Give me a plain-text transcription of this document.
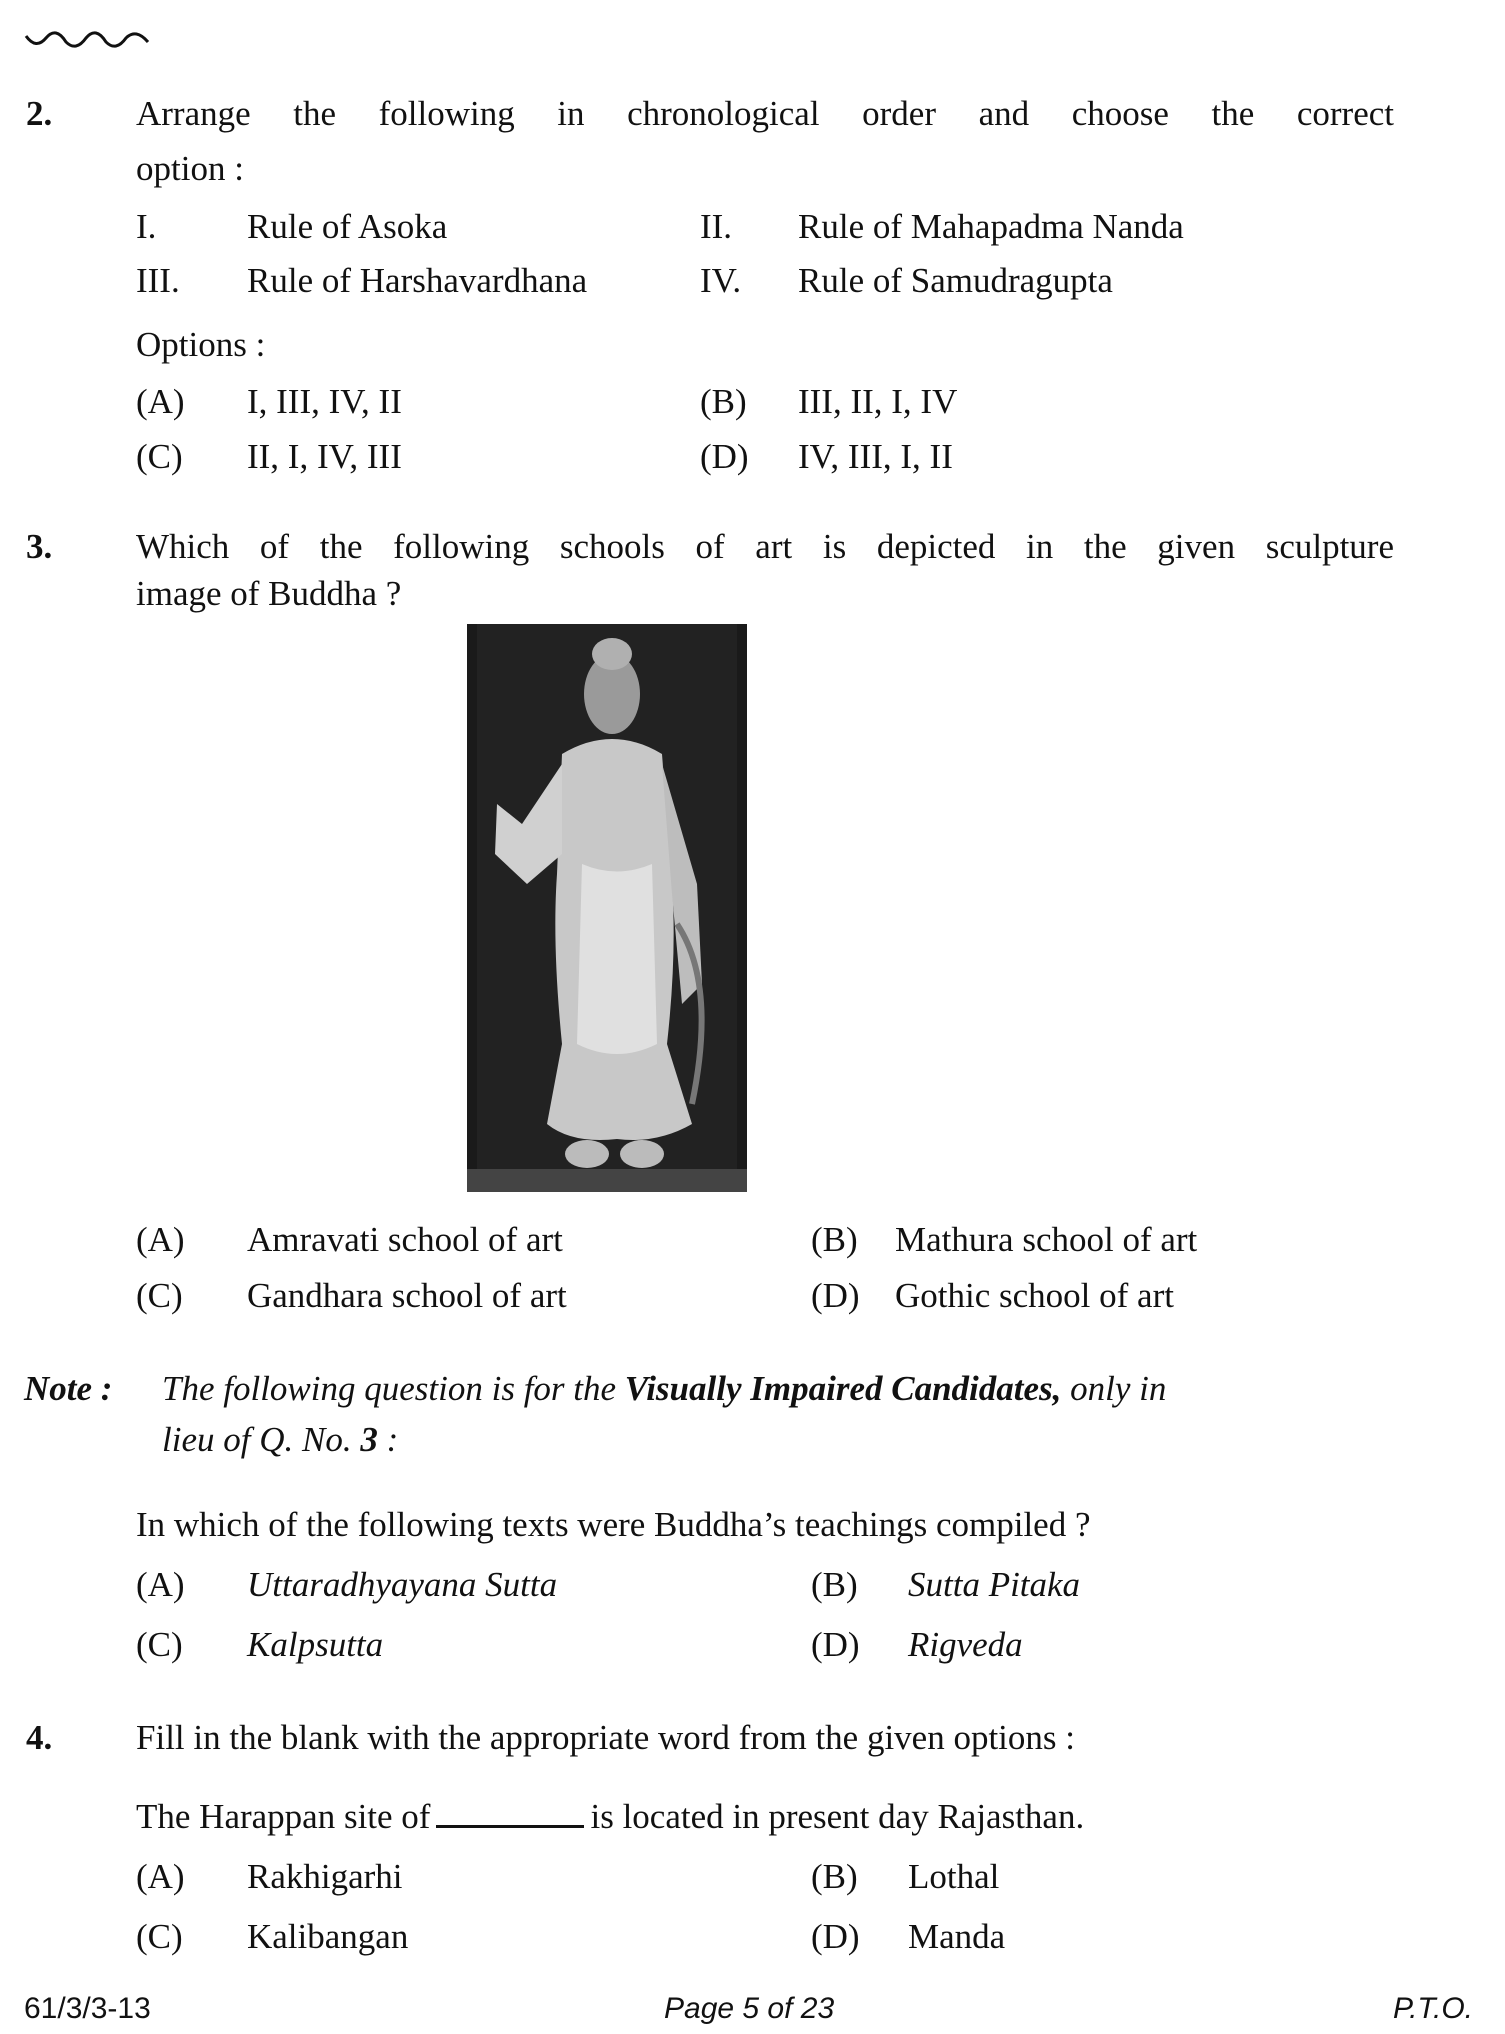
2. Arrange the following in chronological order and choose the correct
option :
I.	Rule of Asoka	II. Rule of Mahapadma Nanda
III. Rule of Harshavardhana	IV. Rule of Samudragupta
Options :
(A) I, III, IV, II	(B) III, II, I, IV
(C) II, I, IV, III	(D) IV, III, I, II
3. Which of the following schools of art is depicted in the given sculpture
image of Buddha ?
(A) Amravati school of art	(B) Mathura school of art
(C) Gandhara school of art	(D) Gothic school of art
Note : The following question is for the Visually Impaired Candidates, only in
lieu of Q. No. 3 :
In which of the following texts were Buddha’s teachings compiled ?
(A) Uttaradhyayana Sutta	(B) Sutta Pitaka
(C) Kalpsutta	(D) Rigveda
4. Fill in the blank with the appropriate word from the given options :
The Harappan site of	is located in present day Rajasthan.
(A) Rakhigarhi	(B) Lothal
(C) Kalibangan	(D) Manda
61/3/3-13	Page 5 of 23	P.T.O.
